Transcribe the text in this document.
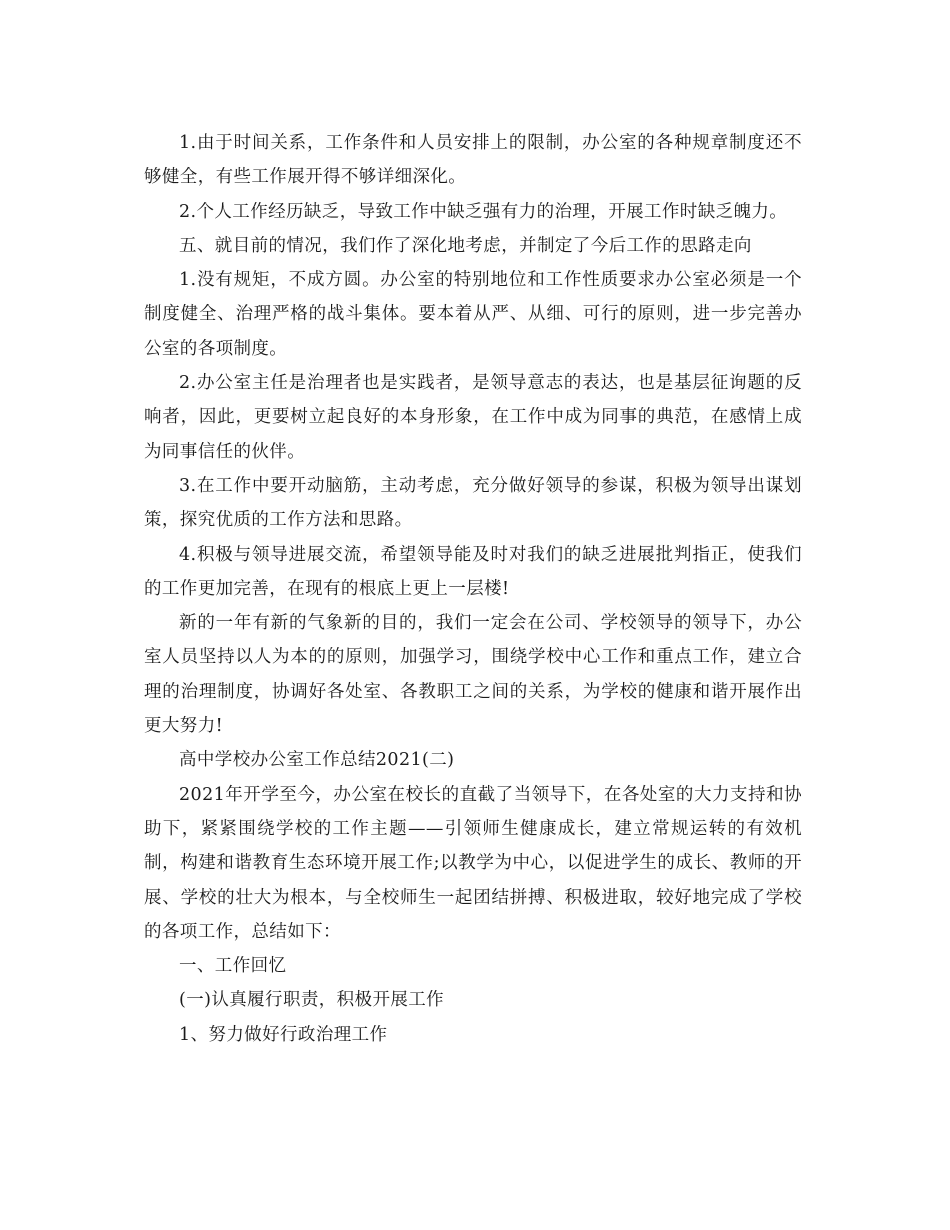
1.由于时间关系，工作条件和人员安排上的限制，办公室的各种规章制度还不够健全，有些工作展开得不够详细深化。

2.个人工作经历缺乏，导致工作中缺乏强有力的治理，开展工作时缺乏魄力。

五、就目前的情况，我们作了深化地考虑，并制定了今后工作的思路走向

1.没有规矩，不成方圆。办公室的特别地位和工作性质要求办公室必须是一个制度健全、治理严格的战斗集体。要本着从严、从细、可行的原则，进一步完善办公室的各项制度。

2.办公室主任是治理者也是实践者，是领导意志的表达，也是基层征询题的反响者，因此，更要树立起良好的本身形象，在工作中成为同事的典范，在感情上成为同事信任的伙伴。

3.在工作中要开动脑筋，主动考虑，充分做好领导的参谋，积极为领导出谋划策，探究优质的工作方法和思路。

4.积极与领导进展交流，希望领导能及时对我们的缺乏进展批判指正，使我们的工作更加完善，在现有的根底上更上一层楼!

新的一年有新的气象新的目的，我们一定会在公司、学校领导的领导下，办公室人员坚持以人为本的的原则，加强学习，围绕学校中心工作和重点工作，建立合理的治理制度，协调好各处室、各教职工之间的关系，为学校的健康和谐开展作出更大努力!

高中学校办公室工作总结2021(二)

2021年开学至今，办公室在校长的直截了当领导下，在各处室的大力支持和协助下，紧紧围绕学校的工作主题——引领师生健康成长，建立常规运转的有效机制，构建和谐教育生态环境开展工作;以教学为中心，以促进学生的成长、教师的开展、学校的壮大为根本，与全校师生一起团结拼搏、积极进取，较好地完成了学校的各项工作，总结如下：

一、工作回忆

(一)认真履行职责，积极开展工作

1、努力做好行政治理工作
